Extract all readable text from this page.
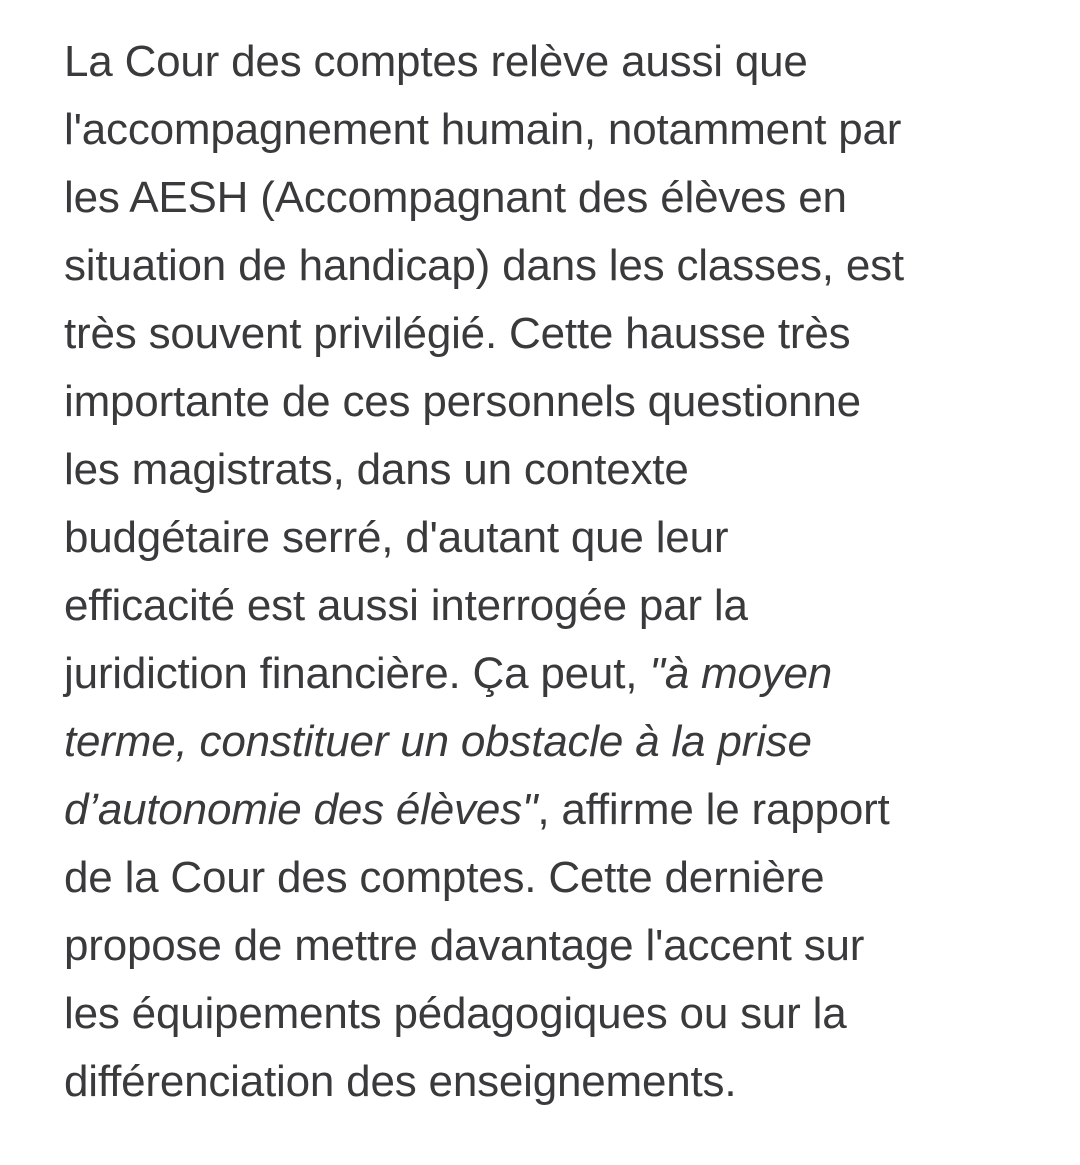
La Cour des comptes relève aussi que
l'accompagnement humain, notamment par
les AESH (Accompagnant des élèves en
situation de handicap) dans les classes, est
très souvent privilégié. Cette hausse très
importante de ces personnels questionne
les magistrats, dans un contexte
budgétaire serré, d'autant que leur
efficacité est aussi interrogée par la
juridiction financière. Ça peut, "à moyen
terme, constituer un obstacle à la prise
d’autonomie des élèves", affirme le rapport
de la Cour des comptes. Cette dernière
propose de mettre davantage l'accent sur
les équipements pédagogiques ou sur la
différenciation des enseignements.
